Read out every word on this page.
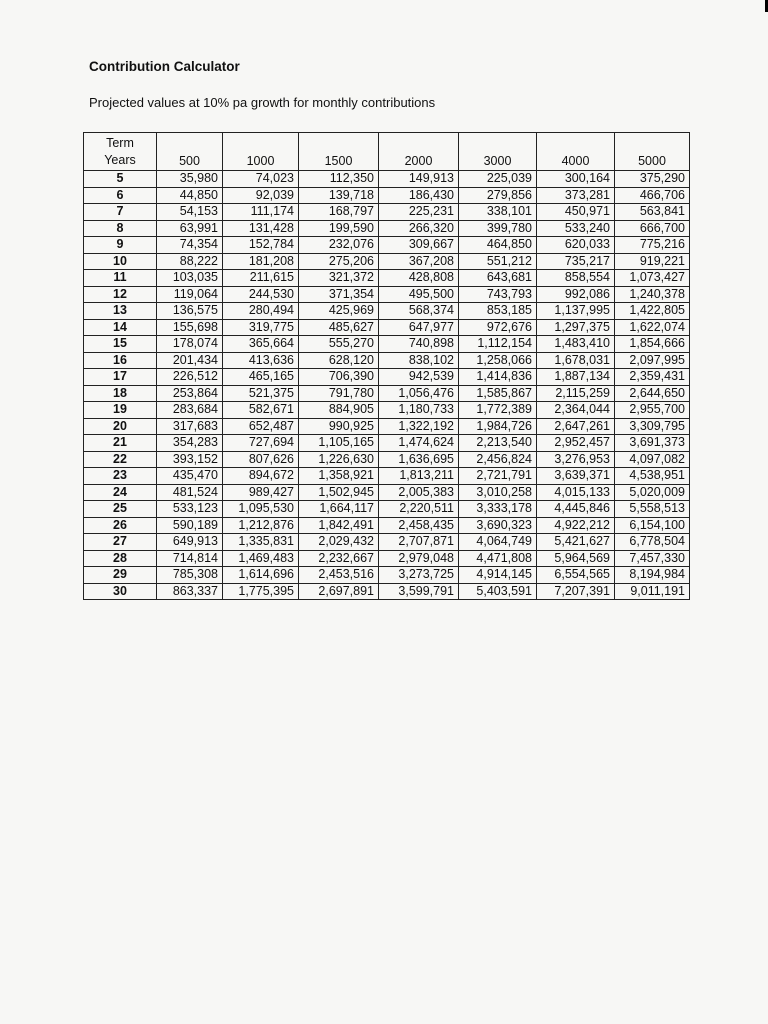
Contribution Calculator
Projected values at 10% pa growth for monthly contributions
Term
Years	500	1000	1500	2000	3000	4000	5000
5	35,980	74,023	112,350	149,913	225,039	300,164	375,290
6	44,850	92,039	139,718	186,430	279,856	373,281	466,706
7	54,153	111,174	168,797	225,231	338,101	450,971	563,841
8	63,991	131,428	199,590	266,320	399,780	533,240	666,700
9	74,354	152,784	232,076	309,667	464,850	620,033	775,216
10	88,222	181,208	275,206	367,208	551,212	735,217	919,221
11	103,035	211,615	321,372	428,808	643,681	858,554	1,073,427
12	119,064	244,530	371,354	495,500	743,793	992,086	1,240,378
13	136,575	280,494	425,969	568,374	853,185	1,137,995	1,422,805
14	155,698	319,775	485,627	647,977	972,676	1,297,375	1,622,074
15	178,074	365,664	555,270	740,898	1,112,154	1,483,410	1,854,666
16	201,434	413,636	628,120	838,102	1,258,066	1,678,031	2,097,995
17	226,512	465,165	706,390	942,539	1,414,836	1,887,134	2,359,431
18	253,864	521,375	791,780	1,056,476	1,585,867	2,115,259	2,644,650
19	283,684	582,671	884,905	1,180,733	1,772,389	2,364,044	2,955,700
20	317,683	652,487	990,925	1,322,192	1,984,726	2,647,261	3,309,795
21	354,283	727,694	1,105,165	1,474,624	2,213,540	2,952,457	3,691,373
22	393,152	807,626	1,226,630	1,636,695	2,456,824	3,276,953	4,097,082
23	435,470	894,672	1,358,921	1,813,211	2,721,791	3,639,371	4,538,951
24	481,524	989,427	1,502,945	2,005,383	3,010,258	4,015,133	5,020,009
25	533,123	1,095,530	1,664,117	2,220,511	3,333,178	4,445,846	5,558,513
26	590,189	1,212,876	1,842,491	2,458,435	3,690,323	4,922,212	6,154,100
27	649,913	1,335,831	2,029,432	2,707,871	4,064,749	5,421,627	6,778,504
28	714,814	1,469,483	2,232,667	2,979,048	4,471,808	5,964,569	7,457,330
29	785,308	1,614,696	2,453,516	3,273,725	4,914,145	6,554,565	8,194,984
30	863,337	1,775,395	2,697,891	3,599,791	5,403,591	7,207,391	9,011,191
